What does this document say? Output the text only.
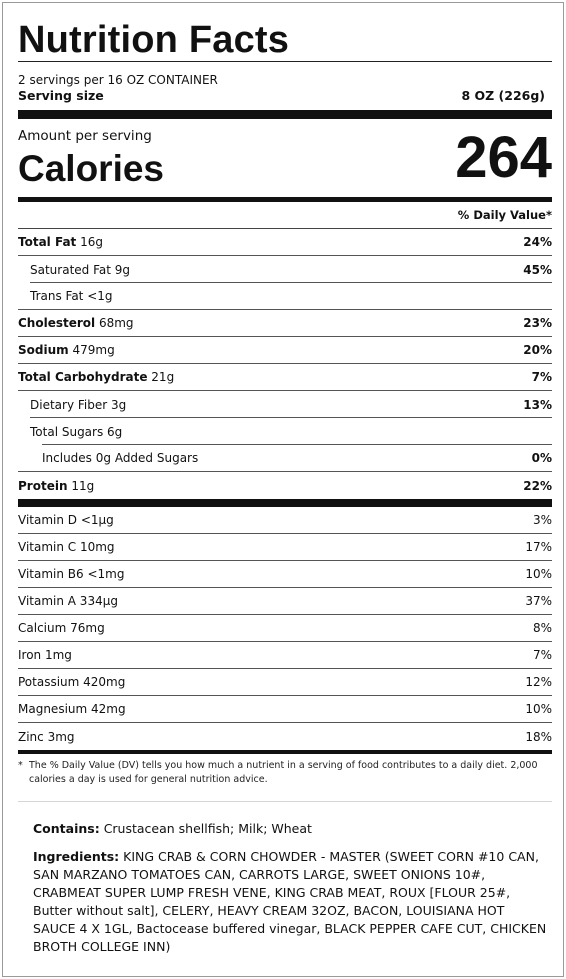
Nutrition Facts
2 servings per 16 OZ CONTAINER
Serving size	8 OZ (226g)
Amount per serving
Calories	264
% Daily Value*
Total Fat 16g	24%
Saturated Fat 9g	45%
Trans Fat <1g
Cholesterol 68mg	23%
Sodium 479mg	20%
Total Carbohydrate 21g	7%
Dietary Fiber 3g	13%
Total Sugars 6g
Includes 0g Added Sugars	0%
Protein 11g	22%
Vitamin D <1µg	3%
Vitamin C 10mg	17%
Vitamin B6 <1mg	10%
Vitamin A 334µg	37%
Calcium 76mg	8%
Iron 1mg	7%
Potassium 420mg	12%
Magnesium 42mg	10%
Zinc 3mg	18%
* The % Daily Value (DV) tells you how much a nutrient in a serving of food contributes to a daily diet. 2,000 calories a day is used for general nutrition advice.
Contains: Crustacean shellfish; Milk; Wheat
Ingredients: KING CRAB & CORN CHOWDER - MASTER (SWEET CORN #10 CAN, SAN MARZANO TOMATOES CAN, CARROTS LARGE, SWEET ONIONS 10#, CRABMEAT SUPER LUMP FRESH VENE, KING CRAB MEAT, ROUX [FLOUR 25#, Butter without salt], CELERY, HEAVY CREAM 32OZ, BACON, LOUISIANA HOT SAUCE 4 X 1GL, Bactocease buffered vinegar, BLACK PEPPER CAFE CUT, CHICKEN BROTH COLLEGE INN)
